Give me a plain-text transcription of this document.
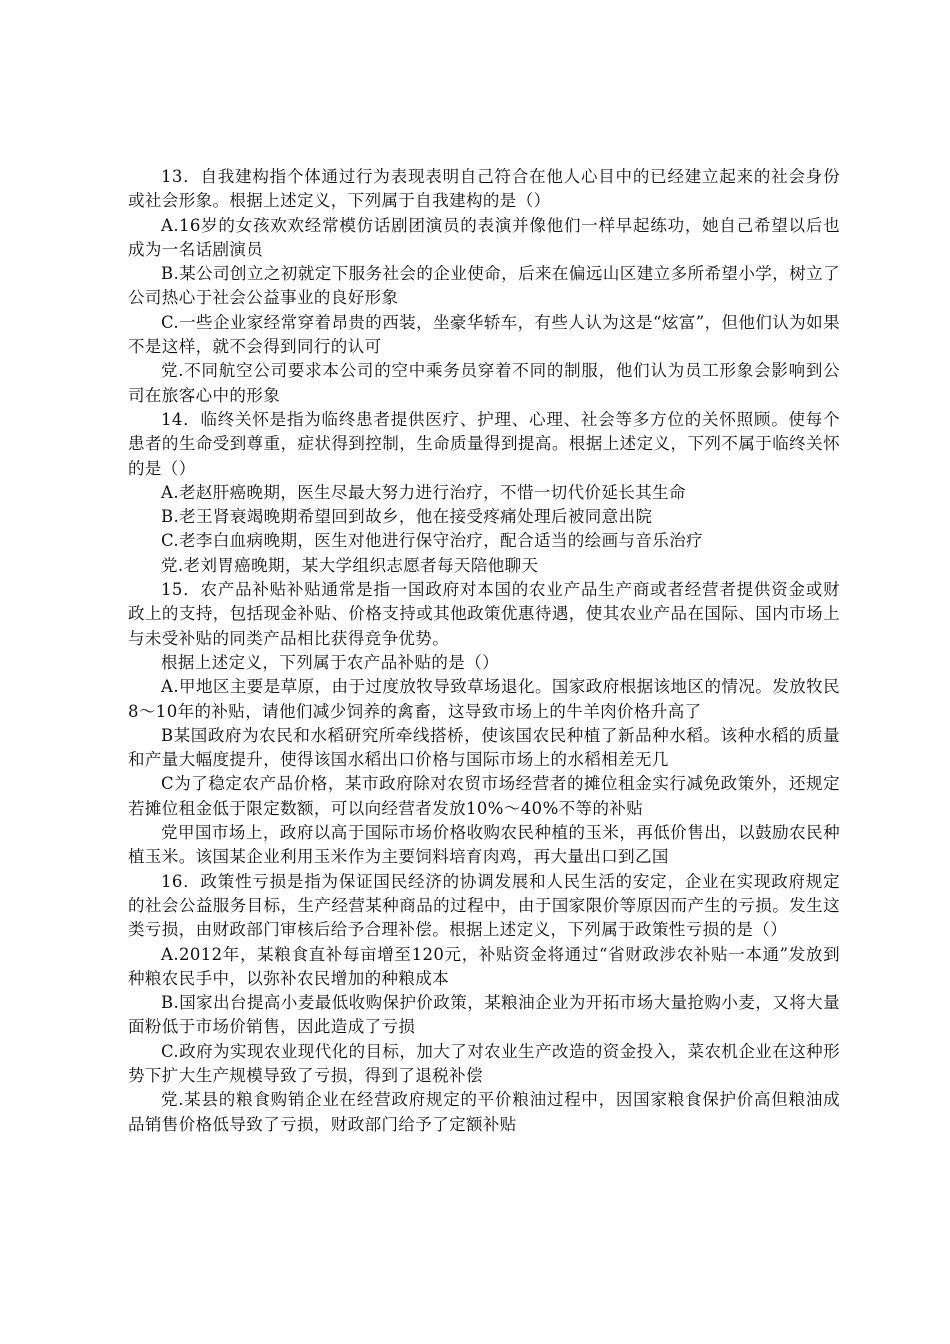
13．自我建构指个体通过行为表现表明自己符合在他人心目中的已经建立起来的社会身份或社会形象。根据上述定义，下列属于自我建构的是（）

A.16岁的女孩欢欢经常模仿话剧团演员的表演并像他们一样早起练功，她自己希望以后也成为一名话剧演员

B.某公司创立之初就定下服务社会的企业使命，后来在偏远山区建立多所希望小学，树立了公司热心于社会公益事业的良好形象

C.一些企业家经常穿着昂贵的西装，坐豪华轿车，有些人认为这是“炫富”，但他们认为如果不是这样，就不会得到同行的认可

党.不同航空公司要求本公司的空中乘务员穿着不同的制服，他们认为员工形象会影响到公司在旅客心中的形象

14．临终关怀是指为临终患者提供医疗、护理、心理、社会等多方位的关怀照顾。使每个患者的生命受到尊重，症状得到控制，生命质量得到提高。根据上述定义，下列不属于临终关怀的是（）

A.老赵肝癌晚期，医生尽最大努力进行治疗，不惜一切代价延长其生命

B.老王肾衰竭晚期希望回到故乡，他在接受疼痛处理后被同意出院

C.老李白血病晚期，医生对他进行保守治疗，配合适当的绘画与音乐治疗

党.老刘胃癌晚期，某大学组织志愿者每天陪他聊天

15．农产品补贴补贴通常是指一国政府对本国的农业产品生产商或者经营者提供资金或财政上的支持，包括现金补贴、价格支持或其他政策优惠待遇，使其农业产品在国际、国内市场上与未受补贴的同类产品相比获得竞争优势。

根据上述定义，下列属于农产品补贴的是（）

A.甲地区主要是草原，由于过度放牧导致草场退化。国家政府根据该地区的情况。发放牧民8～10年的补贴，请他们减少饲养的禽畜，这导致市场上的牛羊肉价格升高了

B某国政府为农民和水稻研究所牵线搭桥，使该国农民种植了新品种水稻。该种水稻的质量和产量大幅度提升，使得该国水稻出口价格与国际市场上的水稻相差无几

C为了稳定农产品价格，某市政府除对农贸市场经营者的摊位租金实行减免政策外，还规定若摊位租金低于限定数额，可以向经营者发放10%～40%不等的补贴

党甲国市场上，政府以高于国际市场价格收购农民种植的玉米，再低价售出，以鼓励农民种植玉米。该国某企业利用玉米作为主要饲料培育肉鸡，再大量出口到乙国

16．政策性亏损是指为保证国民经济的协调发展和人民生活的安定，企业在实现政府规定的社会公益服务目标，生产经营某种商品的过程中，由于国家限价等原因而产生的亏损。发生这类亏损，由财政部门审核后给予合理补偿。根据上述定义，下列属于政策性亏损的是（）

A.2012年，某粮食直补每亩增至120元，补贴资金将通过“省财政涉农补贴一本通”发放到种粮农民手中，以弥补农民增加的种粮成本

B.国家出台提高小麦最低收购保护价政策，某粮油企业为开拓市场大量抢购小麦，又将大量面粉低于市场价销售，因此造成了亏损

C.政府为实现农业现代化的目标，加大了对农业生产改造的资金投入，菜农机企业在这种形势下扩大生产规模导致了亏损，得到了退税补偿

党.某县的粮食购销企业在经营政府规定的平价粮油过程中，因国家粮食保护价高但粮油成品销售价格低导致了亏损，财政部门给予了定额补贴
